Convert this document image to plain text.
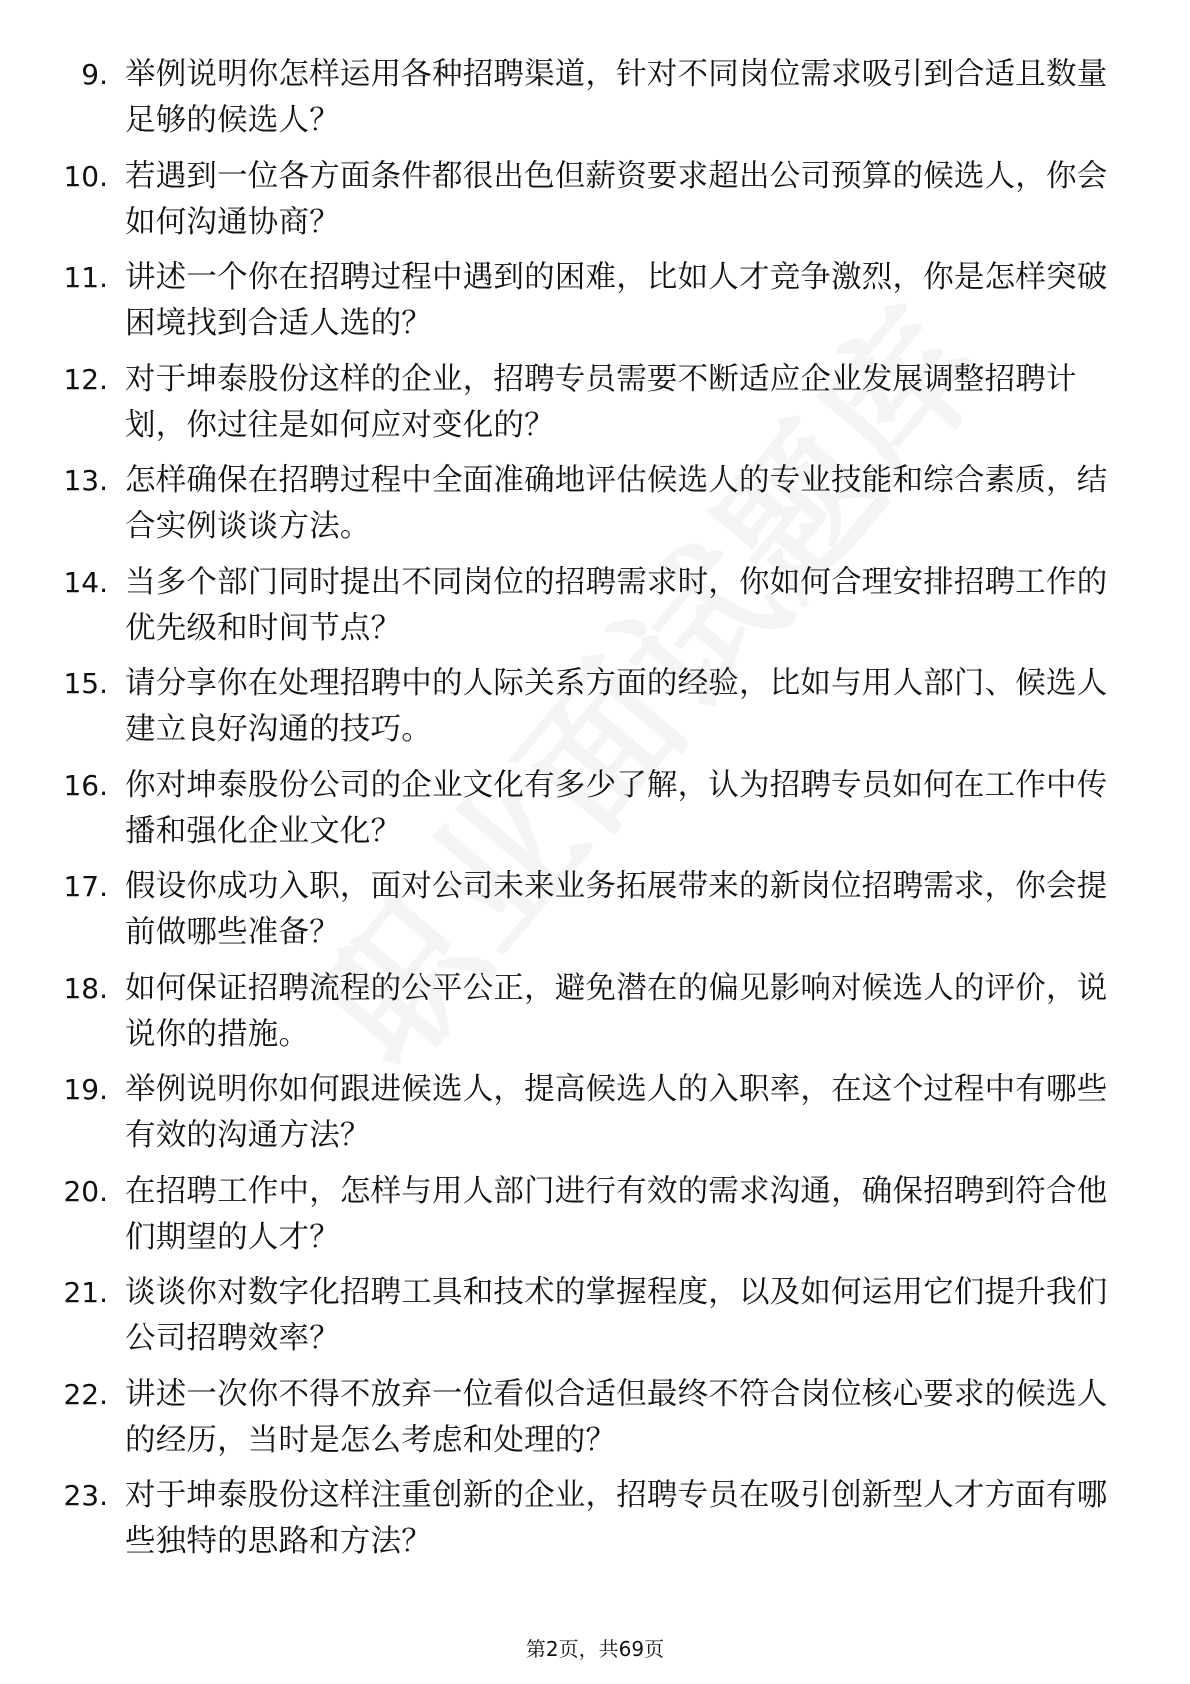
9. 举例说明你怎样运用各种招聘渠道，针对不同岗位需求吸引到合适且数量足够的候选人？
10. 若遇到一位各方面条件都很出色但薪资要求超出公司预算的候选人，你会如何沟通协商？
11. 讲述一个你在招聘过程中遇到的困难，比如人才竞争激烈，你是怎样突破困境找到合适人选的？
12. 对于坤泰股份这样的企业，招聘专员需要不断适应企业发展调整招聘计划，你过往是如何应对变化的？
13. 怎样确保在招聘过程中全面准确地评估候选人的专业技能和综合素质，结合实例谈谈方法。
14. 当多个部门同时提出不同岗位的招聘需求时，你如何合理安排招聘工作的优先级和时间节点？
15. 请分享你在处理招聘中的人际关系方面的经验，比如与用人部门、候选人建立良好沟通的技巧。
16. 你对坤泰股份公司的企业文化有多少了解，认为招聘专员如何在工作中传播和强化企业文化？
17. 假设你成功入职，面对公司未来业务拓展带来的新岗位招聘需求，你会提前做哪些准备？
18. 如何保证招聘流程的公平公正，避免潜在的偏见影响对候选人的评价，说说你的措施。
19. 举例说明你如何跟进候选人，提高候选人的入职率，在这个过程中有哪些有效的沟通方法？
20. 在招聘工作中，怎样与用人部门进行有效的需求沟通，确保招聘到符合他们期望的人才？
21. 谈谈你对数字化招聘工具和技术的掌握程度，以及如何运用它们提升我们公司招聘效率？
22. 讲述一次你不得不放弃一位看似合适但最终不符合岗位核心要求的候选人的经历，当时是怎么考虑和处理的？
23. 对于坤泰股份这样注重创新的企业，招聘专员在吸引创新型人才方面有哪些独特的思路和方法？
第2页，共69页
